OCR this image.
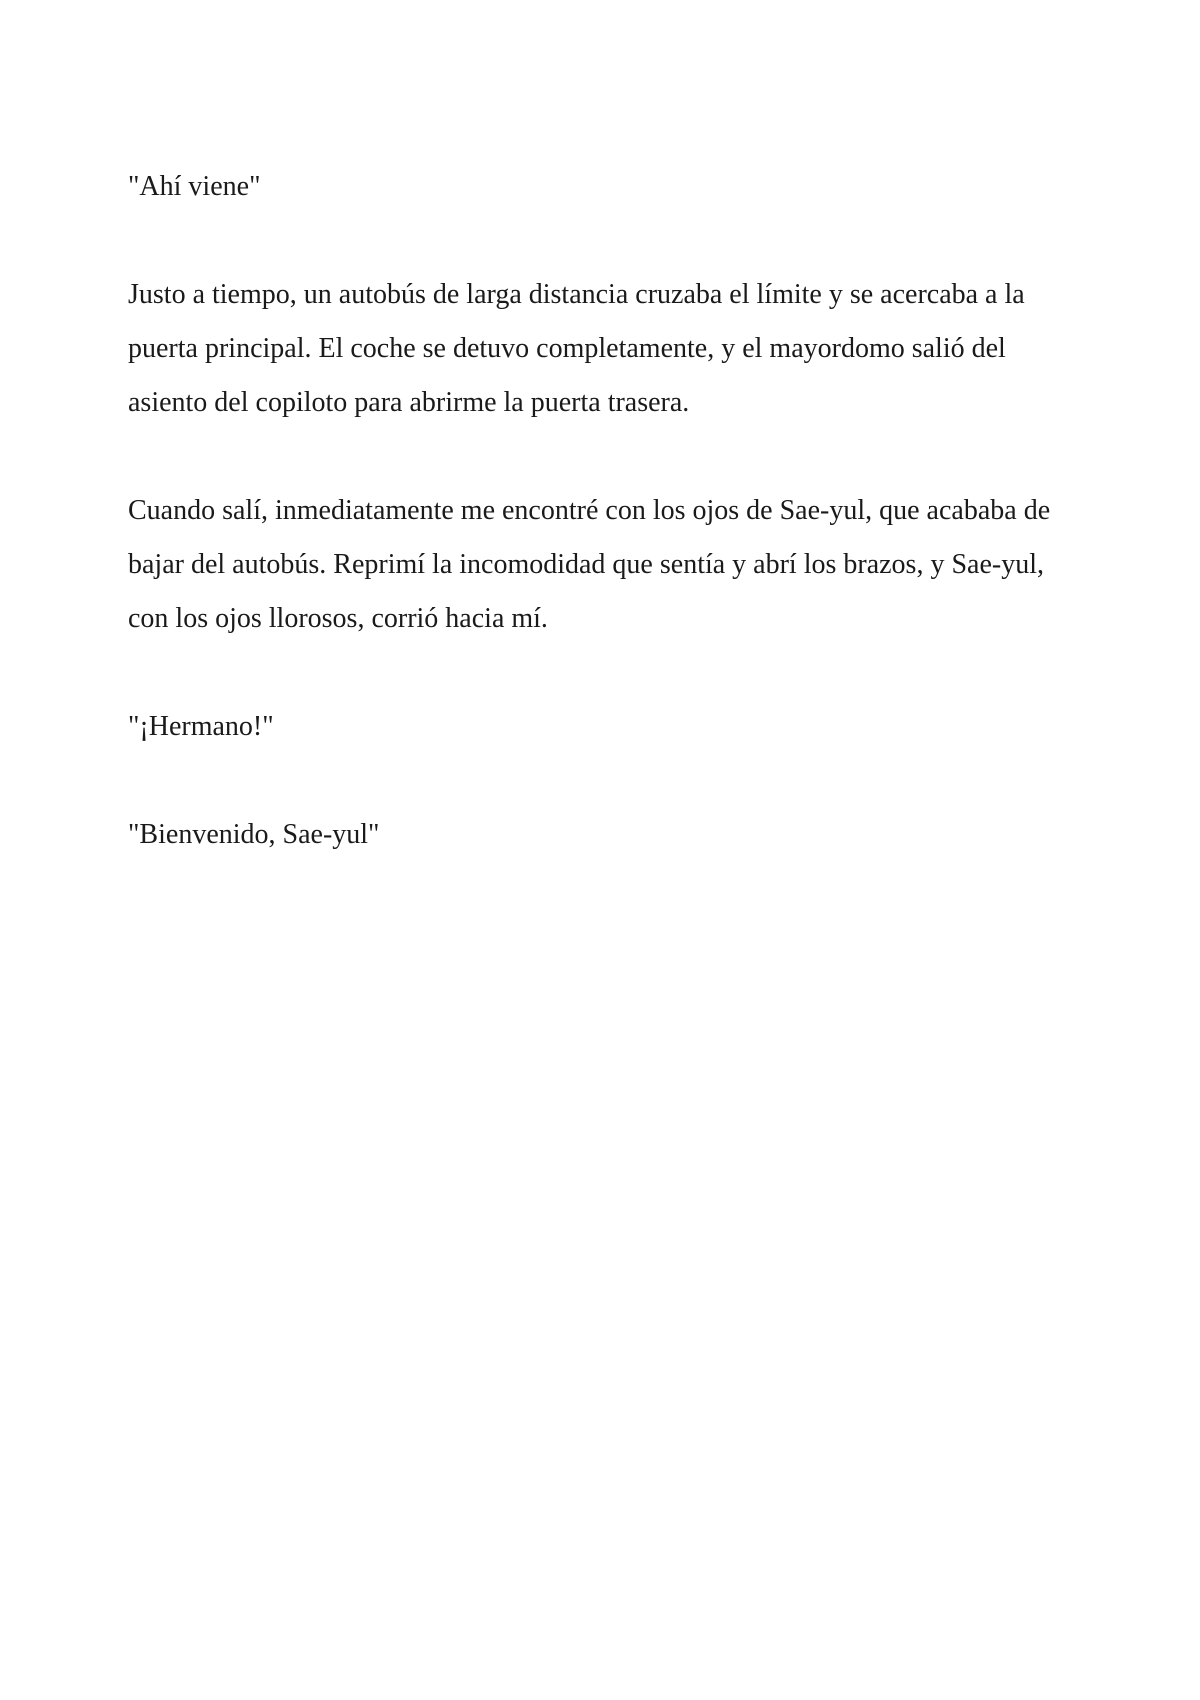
"Ahí viene"

Justo a tiempo, un autobús de larga distancia cruzaba el límite y se acercaba a la puerta principal. El coche se detuvo completamente, y el mayordomo salió del asiento del copiloto para abrirme la puerta trasera.

Cuando salí, inmediatamente me encontré con los ojos de Sae-yul, que acababa de bajar del autobús. Reprimí la incomodidad que sentía y abrí los brazos, y Sae-yul, con los ojos llorosos, corrió hacia mí.

"¡Hermano!"

"Bienvenido, Sae-yul"
